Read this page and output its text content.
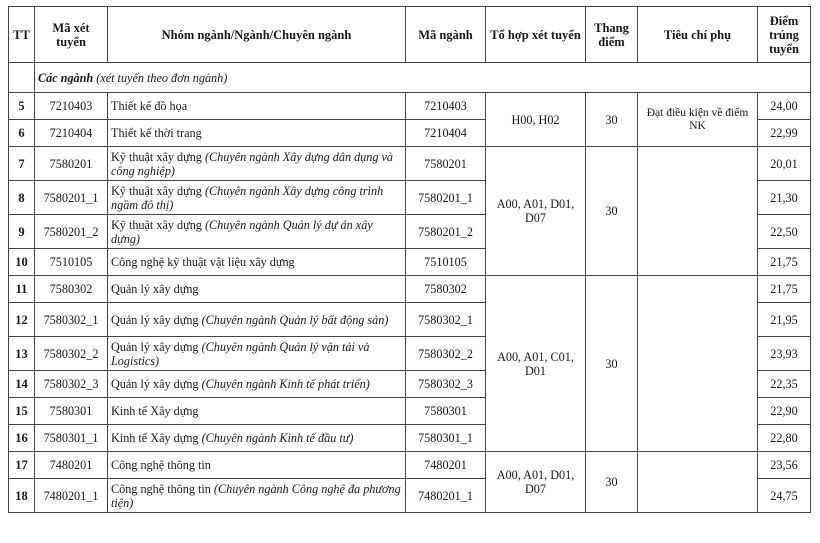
TT	Mã xét tuyển	Nhóm ngành/Ngành/Chuyên ngành	Mã ngành	Tổ hợp xét tuyển	Thang điểm	Tiêu chí phụ	Điểm trúng tuyển
	Các ngành (xét tuyển theo đơn ngành)						
5	7210403	Thiết kế đồ họa	7210403	H00, H02	30	Đạt điều kiện về điểm NK	24,00
6	7210404	Thiết kế thời trang	7210404				22,99
7	7580201	Kỹ thuật xây dựng (Chuyên ngành Xây dựng dân dụng và công nghiệp)	7580201	A00, A01, D01, D07	30		20,01
8	7580201_1	Kỹ thuật xây dựng (Chuyên ngành Xây dựng công trình ngầm đô thị)	7580201_1				21,30
9	7580201_2	Kỹ thuật xây dựng (Chuyên ngành Quản lý dự án xây dựng)	7580201_2				22,50
10	7510105	Công nghệ kỹ thuật vật liệu xây dựng	7510105				21,75
11	7580302	Quản lý xây dựng	7580302	A00, A01, C01, D01	30		21,75
12	7580302_1	Quản lý xây dựng (Chuyên ngành Quản lý bất động sản)	7580302_1				21,95
13	7580302_2	Quản lý xây dựng (Chuyên ngành Quản lý vận tải và Logistics)	7580302_2				23,93
14	7580302_3	Quản lý xây dựng (Chuyên ngành Kinh tế phát triển)	7580302_3				22,35
15	7580301	Kinh tế Xây dựng	7580301				22,90
16	7580301_1	Kinh tế Xây dựng (Chuyên ngành Kinh tế đầu tư)	7580301_1				22,80
17	7480201	Công nghệ thông tin	7480201	A00, A01, D01, D07	30		23,56
18	7480201_1	Công nghệ thông tin (Chuyên ngành Công nghệ đa phương tiện)	7480201_1				24,75
